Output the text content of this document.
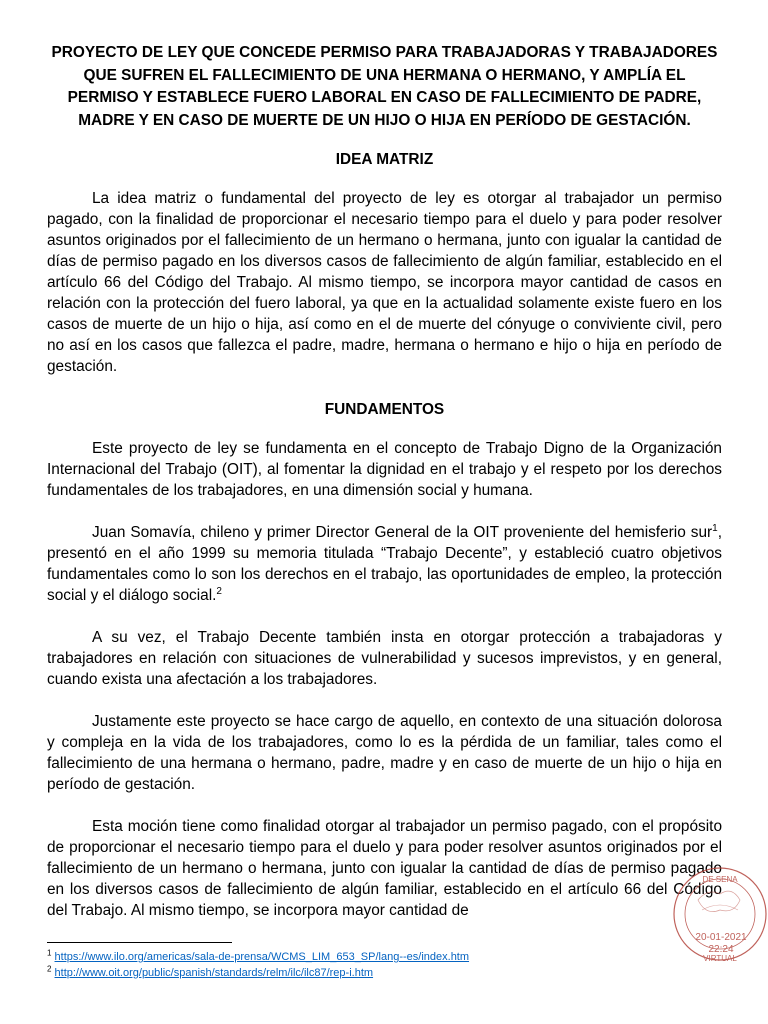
PROYECTO DE LEY QUE CONCEDE PERMISO PARA TRABAJADORAS Y TRABAJADORES QUE SUFREN EL FALLECIMIENTO DE UNA HERMANA O HERMANO, Y AMPLÍA EL PERMISO Y ESTABLECE FUERO LABORAL EN CASO DE FALLECIMIENTO DE PADRE, MADRE Y EN CASO DE MUERTE DE UN HIJO O HIJA EN PERÍODO DE GESTACIÓN.
IDEA MATRIZ

La idea matriz o fundamental del proyecto de ley es otorgar al trabajador un permiso pagado, con la finalidad de proporcionar el necesario tiempo para el duelo y para poder resolver asuntos originados por el fallecimiento de un hermano o hermana, junto con igualar la cantidad de días de permiso pagado en los diversos casos de fallecimiento de algún familiar, establecido en el artículo 66 del Código del Trabajo. Al mismo tiempo, se incorpora mayor cantidad de casos en relación con la protección del fuero laboral, ya que en la actualidad solamente existe fuero en los casos de muerte de un hijo o hija, así como en el de muerte del cónyuge o conviviente civil, pero no así en los casos que fallezca el padre, madre, hermana o hermano e hijo o hija en período de gestación.

FUNDAMENTOS

Este proyecto de ley se fundamenta en el concepto de Trabajo Digno de la Organización Internacional del Trabajo (OIT), al fomentar la dignidad en el trabajo y el respeto por los derechos fundamentales de los trabajadores, en una dimensión social y humana.

Juan Somavía, chileno y primer Director General de la OIT proveniente del hemisferio sur$^1$, presentó en el año 1999 su memoria titulada “Trabajo Decente”, y estableció cuatro objetivos fundamentales como lo son los derechos en el trabajo, las oportunidades de empleo, la protección social y el diálogo social.$^2$

A su vez, el Trabajo Decente también insta en otorgar protección a trabajadoras y trabajadores en relación con situaciones de vulnerabilidad y sucesos imprevistos, y en general, cuando exista una afectación a los trabajadores.

Justamente este proyecto se hace cargo de aquello, en contexto de una situación dolorosa y compleja en la vida de los trabajadores, como lo es la pérdida de un familiar, tales como el fallecimiento de una hermana o hermano, padre, madre y en caso de muerte de un hijo o hija en período de gestación.

Esta moción tiene como finalidad otorgar al trabajador un permiso pagado, con el propósito de proporcionar el necesario tiempo para el duelo y para poder resolver asuntos originados por el fallecimiento de un hermano o hermana, junto con igualar la cantidad de días de permiso pagado en los diversos casos de fallecimiento de algún familiar, establecido en el artículo 66 del Código del Trabajo. Al mismo tiempo, se incorpora mayor cantidad de

$^1$ https://www.ilo.org/americas/sala-de-prensa/WCMS_LIM_653_SP/lang--es/index.htm
$^2$ http://www.oit.org/public/spanish/standards/relm/ilc/ilc87/rep-i.htm
DE SENA
VIRTUAL
20-01-2021
22:24
